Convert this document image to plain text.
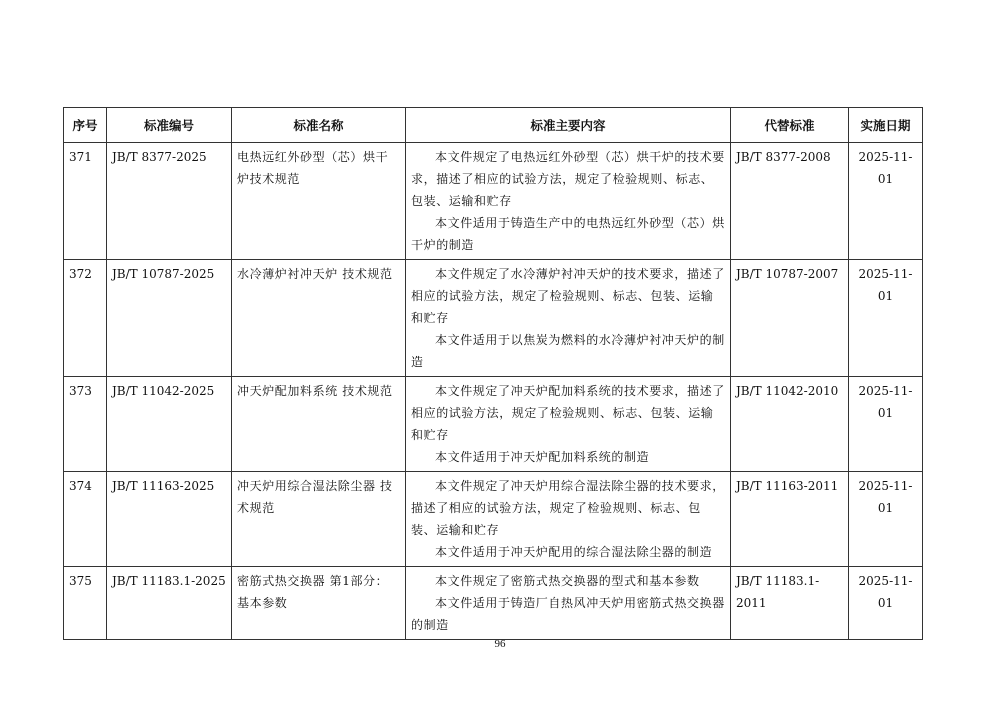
序号	标准编号	标准名称	标准主要内容	代替标准	实施日期
371	JB/T 8377-2025	电热远红外砂型（芯）烘干炉技术规范	本文件规定了电热远红外砂型（芯）烘干炉的技术要求，描述了相应的试验方法，规定了检验规则、标志、包装、运输和贮存

本文件适用于铸造生产中的电热远红外砂型（芯）烘干炉的制造	JB/T 8377-2008	2025-11-01
372	JB/T 10787-2025	水冷薄炉衬冲天炉 技术规范	本文件规定了水冷薄炉衬冲天炉的技术要求，描述了相应的试验方法，规定了检验规则、标志、包装、运输和贮存

本文件适用于以焦炭为燃料的水冷薄炉衬冲天炉的制造	JB/T 10787-2007	2025-11-01
373	JB/T 11042-2025	冲天炉配加料系统 技术规范	本文件规定了冲天炉配加料系统的技术要求，描述了相应的试验方法，规定了检验规则、标志、包装、运输和贮存

本文件适用于冲天炉配加料系统的制造	JB/T 11042-2010	2025-11-01
374	JB/T 11163-2025	冲天炉用综合湿法除尘器 技术规范	本文件规定了冲天炉用综合湿法除尘器的技术要求，描述了相应的试验方法，规定了检验规则、标志、包装、运输和贮存

本文件适用于冲天炉配用的综合湿法除尘器的制造	JB/T 11163-2011	2025-11-01
375	JB/T 11183.1-2025	密筋式热交换器 第1部分：基本参数	本文件规定了密筋式热交换器的型式和基本参数

本文件适用于铸造厂自热风冲天炉用密筋式热交换器的制造	JB/T 11183.1-2011	2025-11-01
96
